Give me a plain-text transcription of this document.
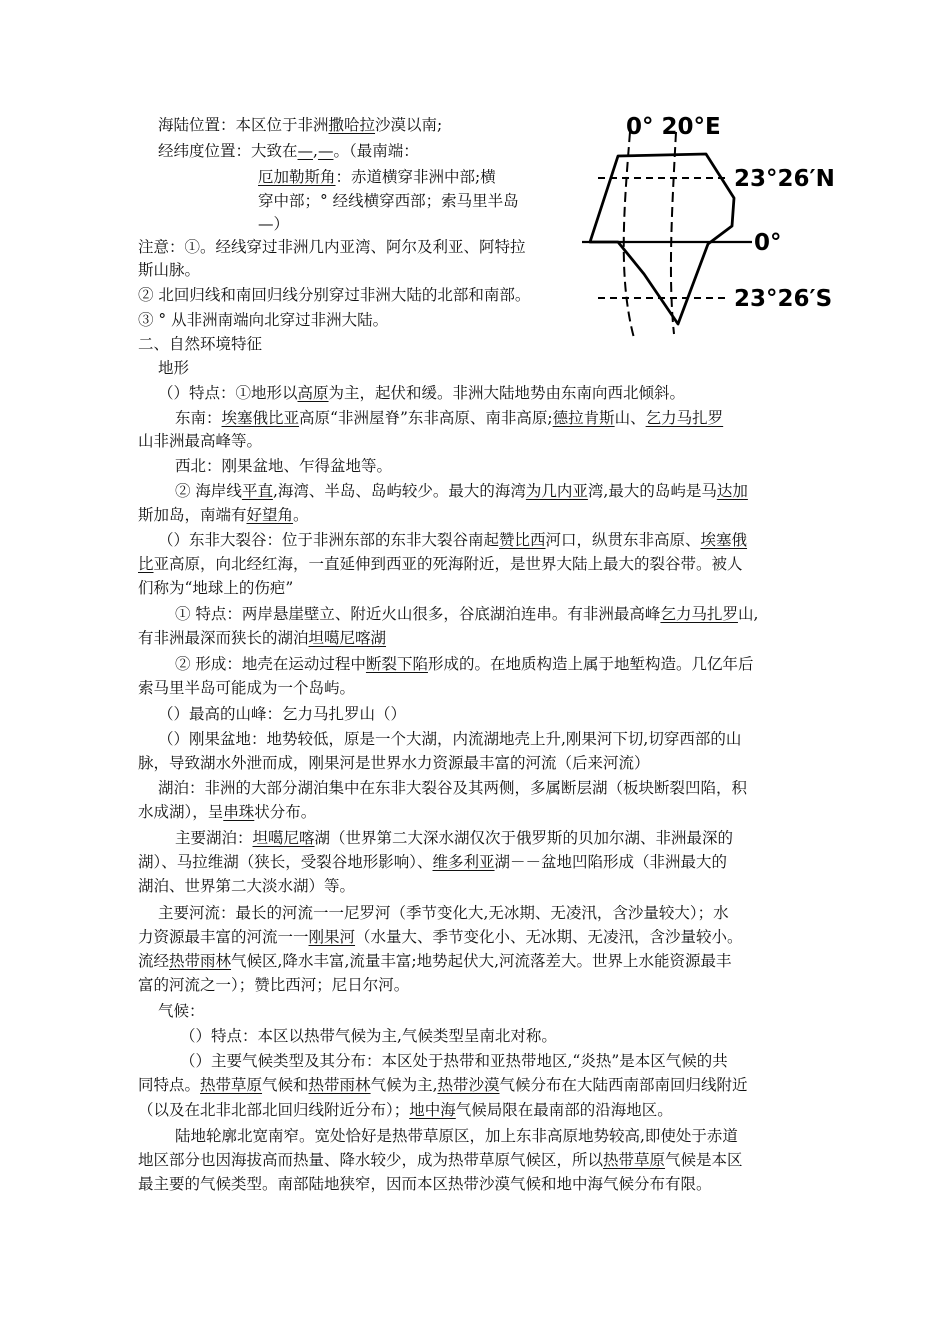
海陆位置：本区位于非洲撒哈拉沙漠以南;
经纬度位置：大致在—,—。（最南端：
厄加勒斯角：赤道横穿非洲中部;横
穿中部；° 经线横穿西部；索马里半岛
—）
注意：①。经线穿过非洲几内亚湾、阿尔及利亚、阿特拉
斯山脉。
② 北回归线和南回归线分别穿过非洲大陆的北部和南部。
③ ° 从非洲南端向北穿过非洲大陆。
0° 20°E
23°26′N
0°
23°26′S
二、自然环境特征
地形
（）特点：①地形以高原为主，起伏和缓。非洲大陆地势由东南向西北倾斜。
东南：埃塞俄比亚高原“非洲屋脊”东非高原、南非高原;德拉肯斯山、乞力马扎罗
山非洲最高峰等。
西北：刚果盆地、乍得盆地等。
② 海岸线平直,海湾、半岛、岛屿较少。最大的海湾为几内亚湾,最大的岛屿是马达加
斯加岛，南端有好望角。
（）东非大裂谷：位于非洲东部的东非大裂谷南起赞比西河口，纵贯东非高原、埃塞俄
比亚高原，向北经红海，一直延伸到西亚的死海附近，是世界大陆上最大的裂谷带。被人
们称为“地球上的伤疤”
① 特点：两岸悬崖壁立、附近火山很多，谷底湖泊连串。有非洲最高峰乞力马扎罗山,
有非洲最深而狭长的湖泊坦噶尼喀湖
② 形成：地壳在运动过程中断裂下陷形成的。在地质构造上属于地堑构造。几亿年后
索马里半岛可能成为一个岛屿。
（）最高的山峰：乞力马扎罗山（）
（）刚果盆地：地势较低，原是一个大湖，内流湖地壳上升,刚果河下切,切穿西部的山
脉，导致湖水外泄而成，刚果河是世界水力资源最丰富的河流（后来河流）
湖泊：非洲的大部分湖泊集中在东非大裂谷及其两侧，多属断层湖（板块断裂凹陷，积
水成湖），呈串珠状分布。
主要湖泊：坦噶尼喀湖（世界第二大深水湖仅次于俄罗斯的贝加尔湖、非洲最深的
湖）、马拉维湖（狭长，受裂谷地形影响）、维多利亚湖－－盆地凹陷形成（非洲最大的
湖泊、世界第二大淡水湖）等。
主要河流：最长的河流一一尼罗河（季节变化大,无冰期、无凌汛，含沙量较大）；水
力资源最丰富的河流一一刚果河（水量大、季节变化小、无冰期、无凌汛，含沙量较小。
流经热带雨林气候区,降水丰富,流量丰富;地势起伏大,河流落差大。世界上水能资源最丰
富的河流之一）；赞比西河；尼日尔河。
气候：
（）特点：本区以热带气候为主,气候类型呈南北对称。
（）主要气候类型及其分布：本区处于热带和亚热带地区,“炎热”是本区气候的共
同特点。热带草原气候和热带雨林气候为主,热带沙漠气候分布在大陆西南部南回归线附近
（以及在北非北部北回归线附近分布）；地中海气候局限在最南部的沿海地区。
陆地轮廓北宽南窄。宽处恰好是热带草原区，加上东非高原地势较高,即使处于赤道
地区部分也因海拔高而热量、降水较少，成为热带草原气候区，所以热带草原气候是本区
最主要的气候类型。南部陆地狭窄，因而本区热带沙漠气候和地中海气候分布有限。
